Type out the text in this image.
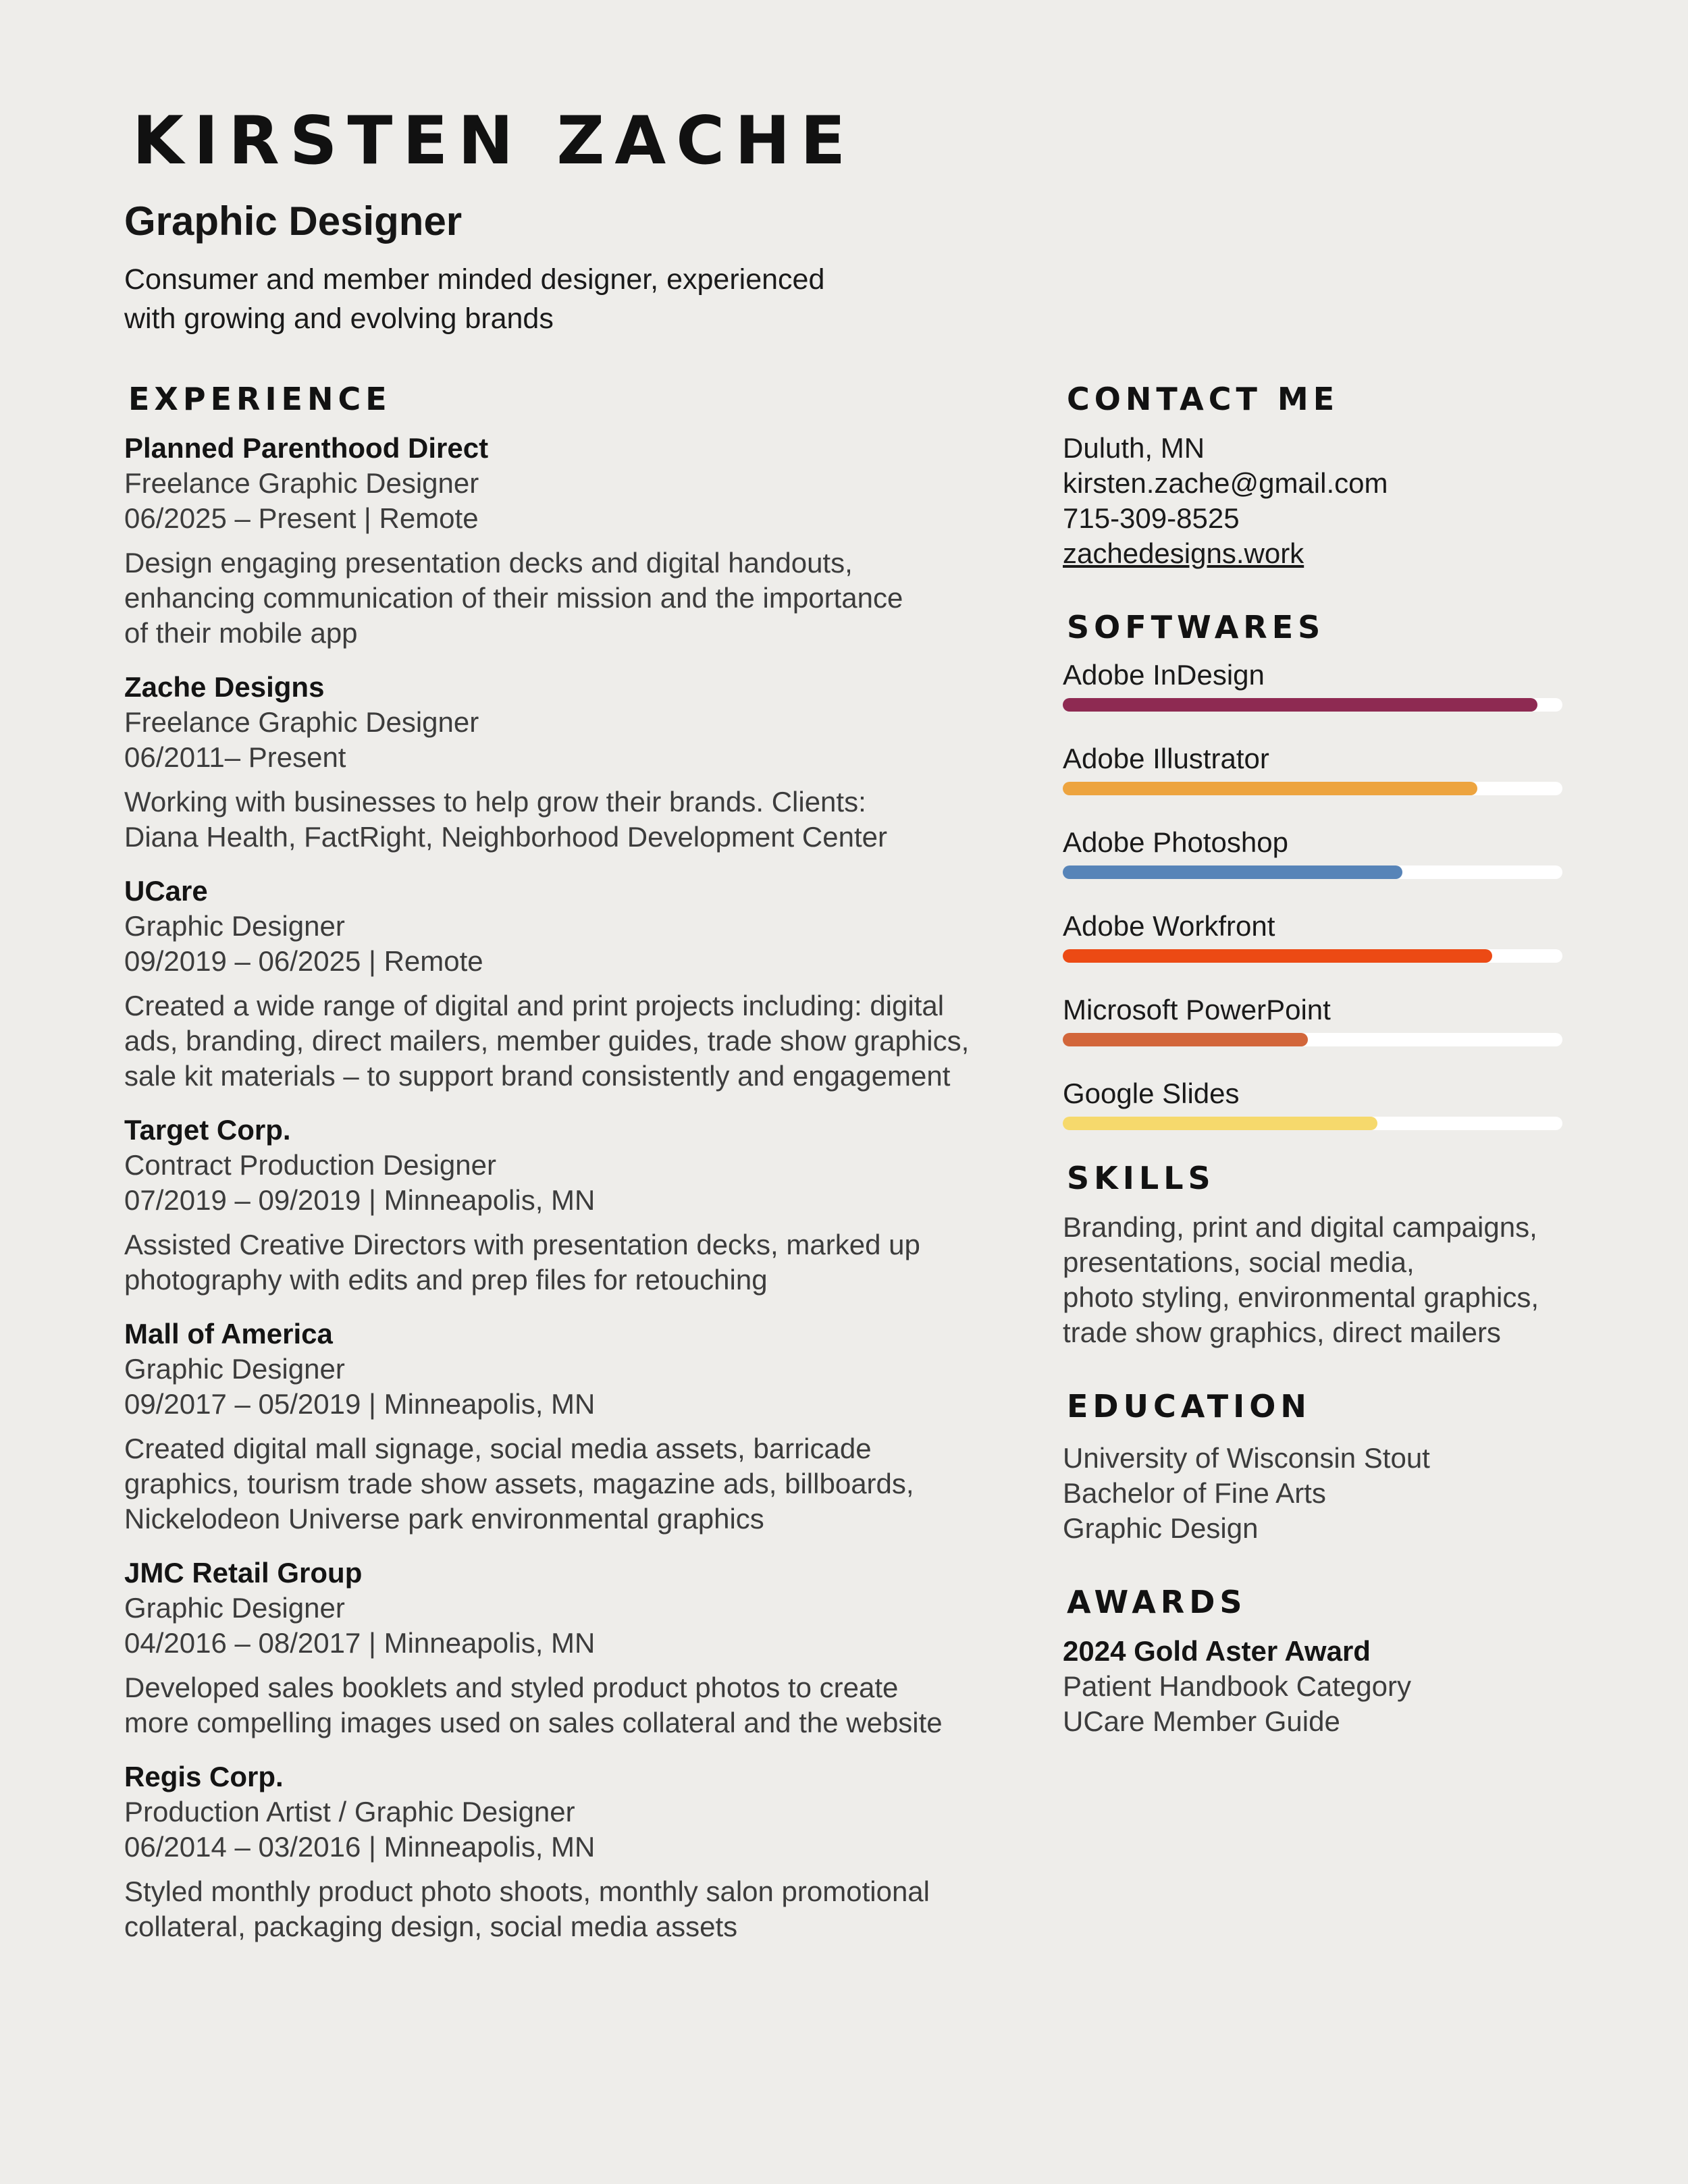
KIRSTEN ZACHE
Graphic Designer
Consumer and member minded designer, experienced
with growing and evolving brands
EXPERIENCE
Planned Parenthood Direct
Freelance Graphic Designer
06/2025 – Present | Remote
Design engaging presentation decks and digital handouts,
enhancing communication of their mission and the importance
of their mobile app
Zache Designs
Freelance Graphic Designer
06/2011– Present
Working with businesses to help grow their brands. Clients:
Diana Health, FactRight, Neighborhood Development Center
UCare
Graphic Designer
09/2019 – 06/2025 | Remote
Created a wide range of digital and print projects including: digital
ads, branding, direct mailers, member guides, trade show graphics,
sale kit materials – to support brand consistently and engagement
Target Corp.
Contract Production Designer
07/2019 – 09/2019 | Minneapolis, MN
Assisted Creative Directors with presentation decks, marked up
photography with edits and prep files for retouching
Mall of America
Graphic Designer
09/2017 – 05/2019 | Minneapolis, MN
Created digital mall signage, social media assets, barricade
graphics, tourism trade show assets, magazine ads, billboards,
Nickelodeon Universe park environmental graphics
JMC Retail Group
Graphic Designer
04/2016 – 08/2017 | Minneapolis, MN
Developed sales booklets and styled product photos to create
more compelling images used on sales collateral and the website
Regis Corp.
Production Artist / Graphic Designer
06/2014 – 03/2016 | Minneapolis, MN
Styled monthly product photo shoots, monthly salon promotional
collateral, packaging design, social media assets
CONTACT ME
Duluth, MN
kirsten.zache@gmail.com
715-309-8525
zachedesigns.work
SOFTWARES
Adobe InDesign
Adobe Illustrator
Adobe Photoshop
Adobe Workfront
Microsoft PowerPoint
Google Slides
SKILLS
Branding, print and digital campaigns,
presentations, social media,
photo styling, environmental graphics,
trade show graphics, direct mailers
EDUCATION
University of Wisconsin Stout
Bachelor of Fine Arts
Graphic Design
AWARDS
2024 Gold Aster Award
Patient Handbook Category
UCare Member Guide
